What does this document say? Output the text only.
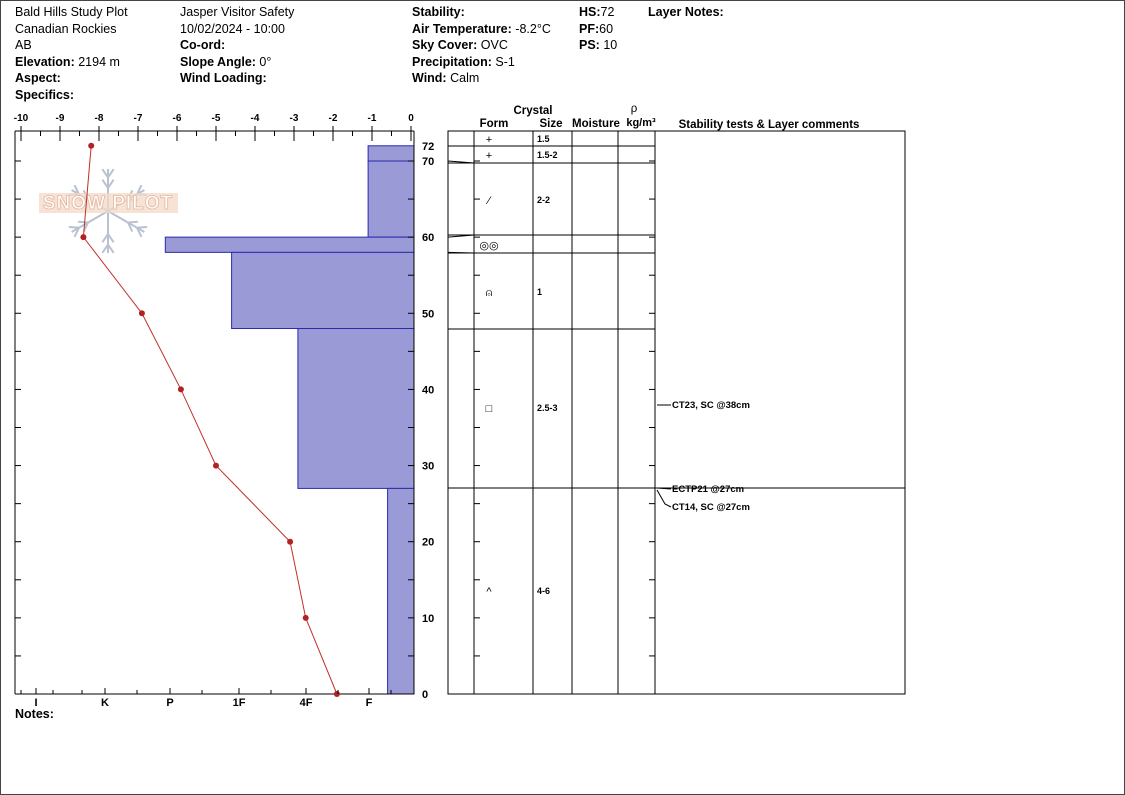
Bald Hills Study Plot
Canadian Rockies
AB
Elevation: 2194 m
Aspect:
Specifics:
Jasper Visitor Safety
10/02/2024 - 10:00
Co-ord:
Slope Angle: 0°
Wind Loading:
Stability:
Air Temperature: -8.2°C
Sky Cover: OVC
Precipitation: S-1
Wind: Calm
HS:72
PF:60
PS: 10
Layer Notes:
SNOW PILOT
-10	-9	-8	-7	-6	-5	-4	-3	-2	-1	0
72
70
60
50
40
30
20
10
0
I	K	P	1F	4F	F
Crystal
Form	Size Moisture
ρ
kg/m³ Stability tests & Layer comments
+	1.5
⁄	2-2
◎◎
⍝	1
□	2.5-3
^	4-6
+	1.5-2
CT23, SC @38cm
ECTP21 @27cm
CT14, SC @27cm
Notes:
